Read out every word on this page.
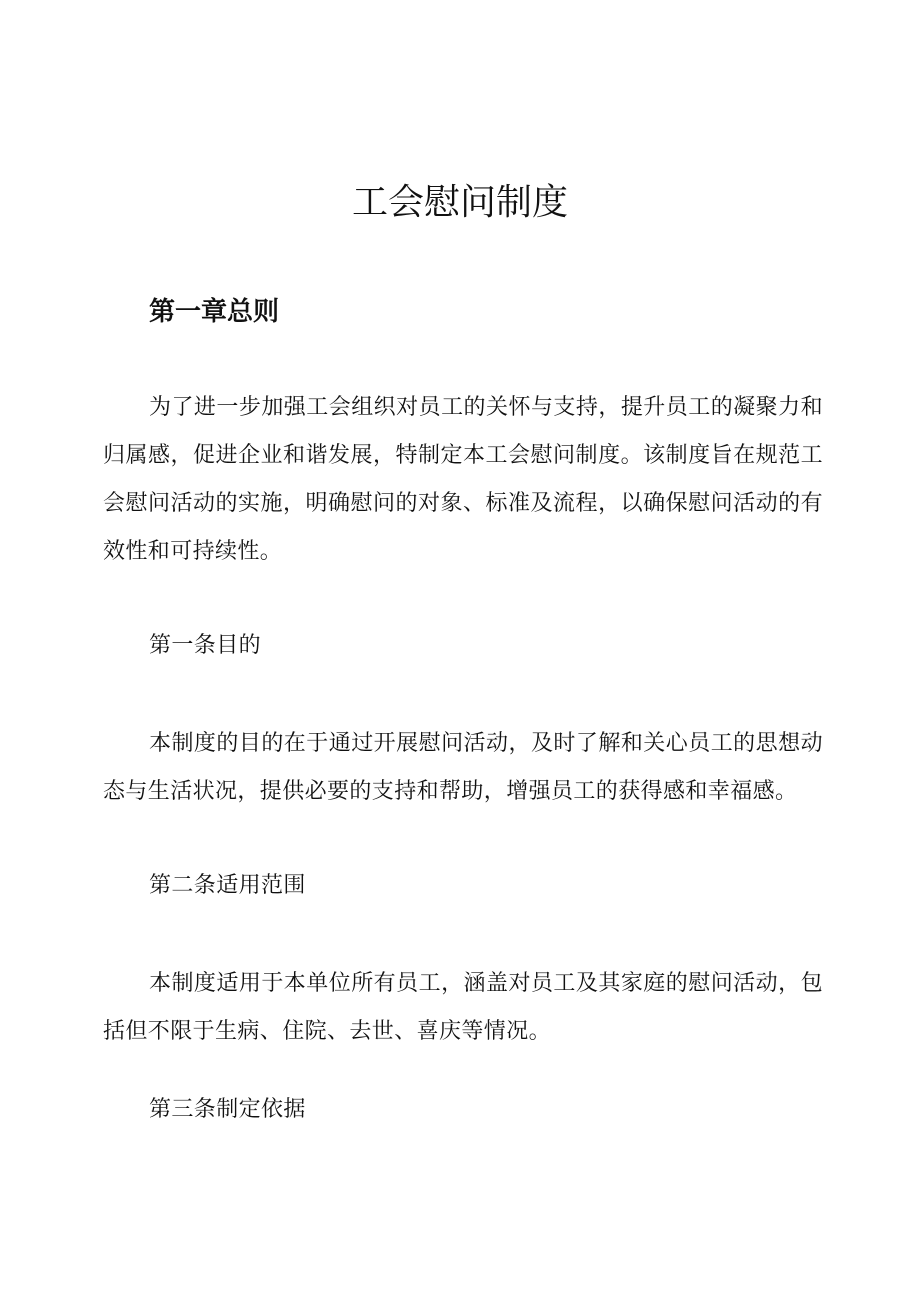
工会慰问制度
第一章总则

为了进一步加强工会组织对员工的关怀与支持，提升员工的凝聚力和归属感，促进企业和谐发展，特制定本工会慰问制度。该制度旨在规范工会慰问活动的实施，明确慰问的对象、标准及流程，以确保慰问活动的有效性和可持续性。

第一条目的

本制度的目的在于通过开展慰问活动，及时了解和关心员工的思想动态与生活状况，提供必要的支持和帮助，增强员工的获得感和幸福感。

第二条适用范围

本制度适用于本单位所有员工，涵盖对员工及其家庭的慰问活动，包括但不限于生病、住院、去世、喜庆等情况。

第三条制定依据
